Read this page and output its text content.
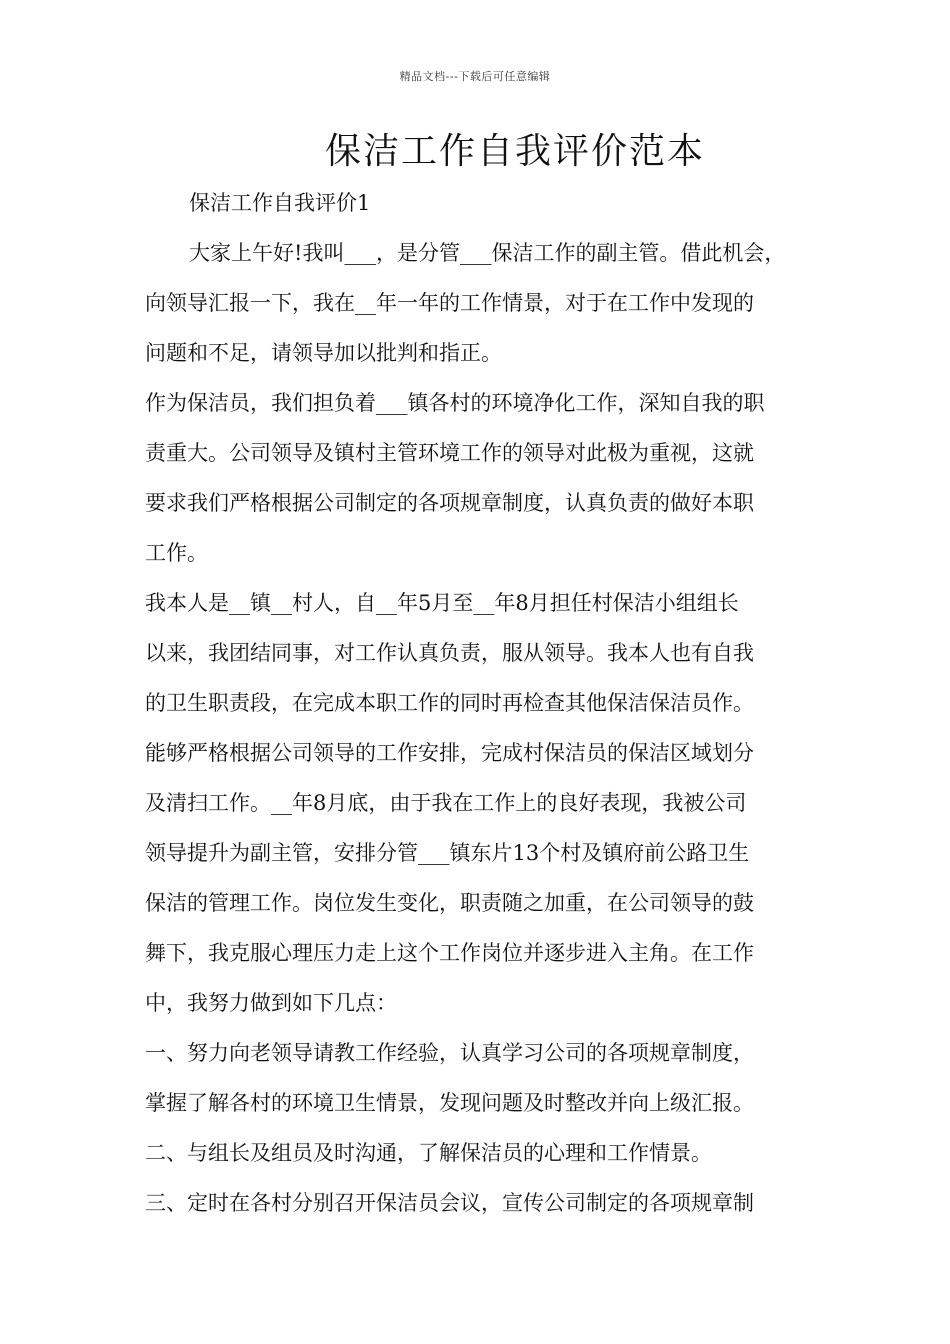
精品文档---下载后可任意编辑
保洁工作自我评价范本

保洁工作自我评价1

大家上午好!我叫___，是分管___保洁工作的副主管。借此机会，
向领导汇报一下，我在__年一年的工作情景，对于在工作中发现的
问题和不足，请领导加以批判和指正。

作为保洁员，我们担负着___镇各村的环境净化工作，深知自我的职
责重大。公司领导及镇村主管环境工作的领导对此极为重视，这就
要求我们严格根据公司制定的各项规章制度，认真负责的做好本职
工作。

我本人是__镇__村人，自__年5月至__年8月担任村保洁小组组长
以来，我团结同事，对工作认真负责，服从领导。我本人也有自我
的卫生职责段，在完成本职工作的同时再检查其他保洁保洁员作。
能够严格根据公司领导的工作安排，完成村保洁员的保洁区域划分
及清扫工作。__年8月底，由于我在工作上的良好表现，我被公司
领导提升为副主管，安排分管___镇东片13个村及镇府前公路卫生
保洁的管理工作。岗位发生变化，职责随之加重，在公司领导的鼓
舞下，我克服心理压力走上这个工作岗位并逐步进入主角。在工作
中，我努力做到如下几点：

一、努力向老领导请教工作经验，认真学习公司的各项规章制度，
掌握了解各村的环境卫生情景，发现问题及时整改并向上级汇报。

二、与组长及组员及时沟通，了解保洁员的心理和工作情景。

三、定时在各村分别召开保洁员会议，宣传公司制定的各项规章制
